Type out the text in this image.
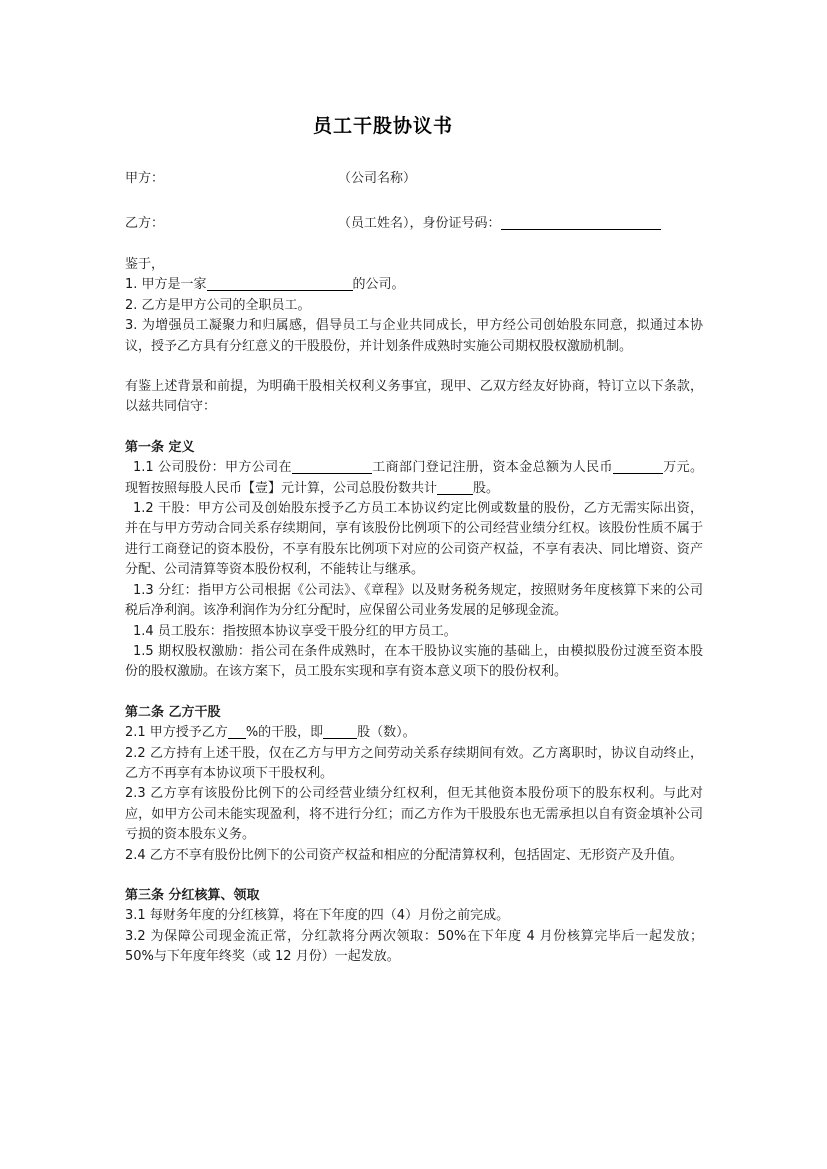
员工干股协议书
甲方：	（公司名称）
乙方：	（员工姓名），身份证号码：

鉴于，

1. 甲方是一家	的公司。

2. 乙方是甲方公司的全职员工。

3. 为增强员工凝聚力和归属感，倡导员工与企业共同成长，甲方经公司创始股东同意，拟通过本协议，授予乙方具有分红意义的干股股份，并计划条件成熟时实施公司期权股权激励机制。

有鉴上述背景和前提，为明确干股相关权利义务事宜，现甲、乙双方经友好协商，特订立以下条款，以兹共同信守：

第一条 定义

1.1 公司股份：甲方公司在	工商部门登记注册，资本金总额为人民币	万元。现暂按照每股人民币【壹】元计算，公司总股份数共计	股。

1.2 干股：甲方公司及创始股东授予乙方员工本协议约定比例或数量的股份，乙方无需实际出资，并在与甲方劳动合同关系存续期间，享有该股份比例项下的公司经营业绩分红权。该股份性质不属于进行工商登记的资本股份，不享有股东比例项下对应的公司资产权益，不享有表决、同比增资、资产分配、公司清算等资本股份权利，不能转让与继承。

1.3 分红：指甲方公司根据《公司法》、《章程》以及财务税务规定，按照财务年度核算下来的公司税后净利润。该净利润作为分红分配时，应保留公司业务发展的足够现金流。

1.4 员工股东：指按照本协议享受干股分红的甲方员工。

1.5 期权股权激励：指公司在条件成熟时，在本干股协议实施的基础上，由模拟股份过渡至资本股份的股权激励。在该方案下，员工股东实现和享有资本意义项下的股份权利。

第二条 乙方干股

2.1 甲方授予乙方 %的干股，即	股（数）。

2.2 乙方持有上述干股，仅在乙方与甲方之间劳动关系存续期间有效。乙方离职时，协议自动终止，乙方不再享有本协议项下干股权利。

2.3 乙方享有该股份比例下的公司经营业绩分红权利，但无其他资本股份项下的股东权利。与此对应，如甲方公司未能实现盈利，将不进行分红；而乙方作为干股股东也无需承担以自有资金填补公司亏损的资本股东义务。

2.4 乙方不享有股份比例下的公司资产权益和相应的分配清算权利，包括固定、无形资产及升值。

第三条 分红核算、领取

3.1 每财务年度的分红核算，将在下年度的四（4）月份之前完成。

3.2 为保障公司现金流正常，分红款将分两次领取：50%在下年度 4 月份核算完毕后一起发放；50%与下年度年终奖（或 12 月份）一起发放。
